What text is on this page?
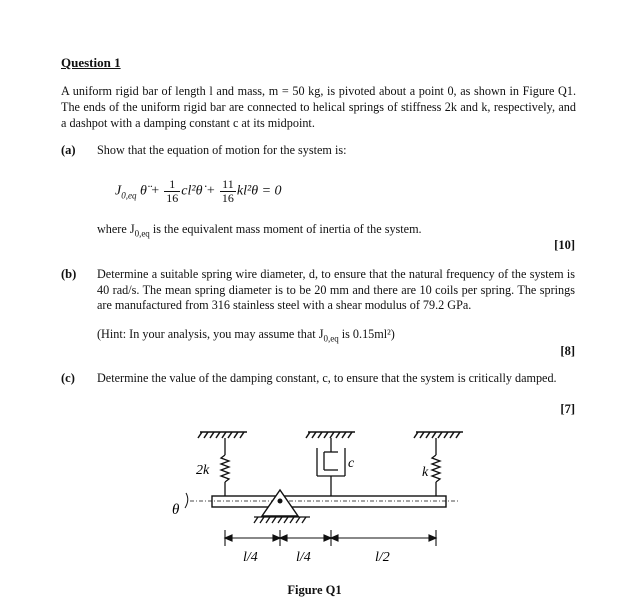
Question 1
A uniform rigid bar of length l and mass, m = 50 kg, is pivoted about a point 0, as shown in Figure Q1. The ends of the uniform rigid bar are connected to helical springs of stiffness 2k and k, respectively, and a dashpot with a damping constant c at its midpoint.
(a) Show that the equation of motion for the system is:
$J_{0,eq}$ θ̈ + $\frac{1}{16}$ cl²θ̇ + $\frac{11}{16} kl^2\theta = 0$
where $J_{0,eq}$ is the equivalent mass moment of inertia of the system.
[10]
(b) Determine a suitable spring wire diameter, d, to ensure that the natural frequency of the system is 40 rad/s. The mean spring diameter is to be 20 mm and there are 10 coils per spring. The springs are manufactured from 316 stainless steel with a shear modulus of 79.2 GPa.
(Hint: In your analysis, you may assume that $J_{0,eq}$ is 0.15ml²)
[8]
(c) Determine the value of the damping constant, c, to ensure that the system is critically damped.
[7]
2k	c
k
θ
l/4	l/4	l/2
Figure Q1
